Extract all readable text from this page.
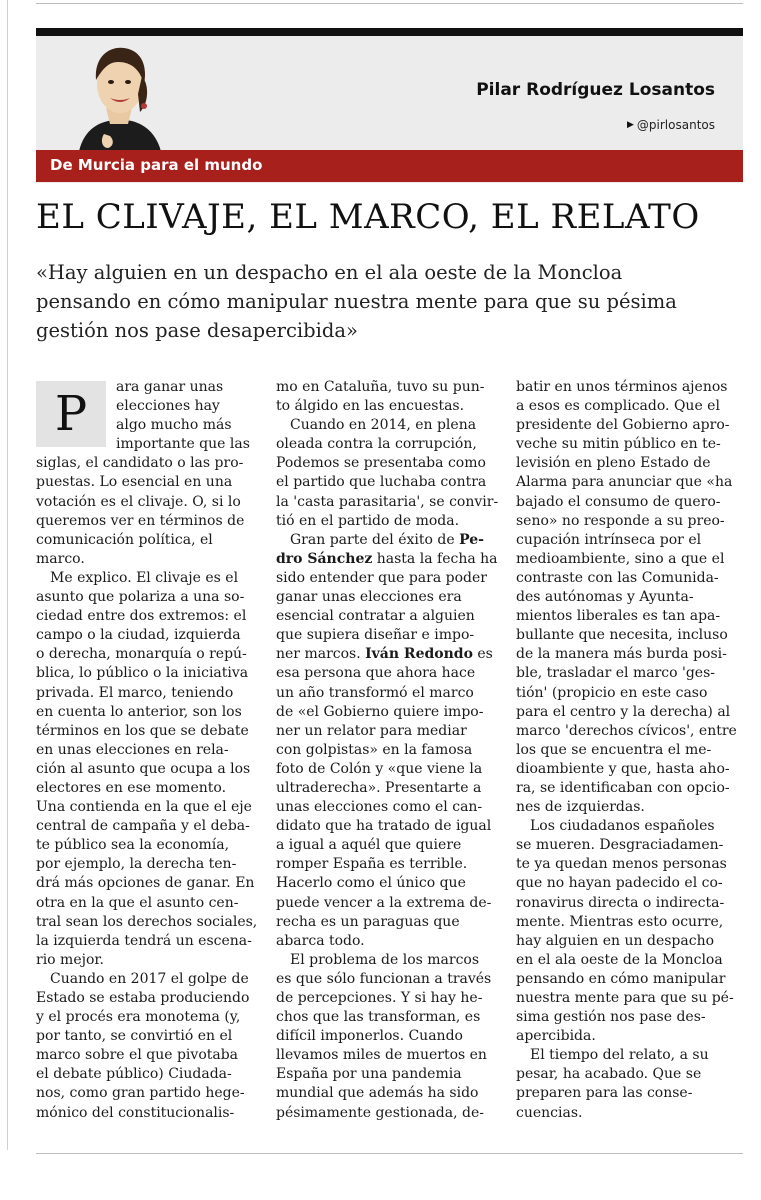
Pilar Rodríguez Losantos
▶ @pirlosantos
De Murcia para el mundo
EL CLIVAJE, EL MARCO, EL RELATO
«Hay alguien en un despacho en el ala oeste de la Moncloa
pensando en cómo manipular nuestra mente para que su pésima
gestión nos pase desapercibida»
P	ara ganar unas
elecciones hay
algo mucho más
importante que las
siglas, el candidato o las pro-
puestas. Lo esencial en una
votación es el clivaje. O, si lo
queremos ver en términos de
comunicación política, el
marco.
Me explico. El clivaje es el
asunto que polariza a una so-
ciedad entre dos extremos: el
campo o la ciudad, izquierda
o derecha, monarquía o repú-
blica, lo público o la iniciativa
privada. El marco, teniendo
en cuenta lo anterior, son los
términos en los que se debate
en unas elecciones en rela-
ción al asunto que ocupa a los
electores en ese momento.
Una contienda en la que el eje
central de campaña y el deba-
te público sea la economía,
por ejemplo, la derecha ten-
drá más opciones de ganar. En
otra en la que el asunto cen-
tral sean los derechos sociales,
la izquierda tendrá un escena-
rio mejor.
Cuando en 2017 el golpe de
Estado se estaba produciendo
y el procés era monotema (y,
por tanto, se convirtió en el
marco sobre el que pivotaba
el debate público) Ciudada-
nos, como gran partido hege-
mónico del constitucionalis-
mo en Cataluña, tuvo su pun-
to álgido en las encuestas.
Cuando en 2014, en plena
oleada contra la corrupción,
Podemos se presentaba como
el partido que luchaba contra
la 'casta parasitaria', se convir-
tió en el partido de moda.
Gran parte del éxito de Pe-
dro Sánchez hasta la fecha ha
sido entender que para poder
ganar unas elecciones era
esencial contratar a alguien
que supiera diseñar e impo-
ner marcos. Iván Redondo es
esa persona que ahora hace
un año transformó el marco
de «el Gobierno quiere impo-
ner un relator para mediar
con golpistas» en la famosa
foto de Colón y «que viene la
ultraderecha». Presentarte a
unas elecciones como el can-
didato que ha tratado de igual
a igual a aquél que quiere
romper España es terrible.
Hacerlo como el único que
puede vencer a la extrema de-
recha es un paraguas que
abarca todo.
El problema de los marcos
es que sólo funcionan a través
de percepciones. Y si hay he-
chos que las transforman, es
difícil imponerlos. Cuando
llevamos miles de muertos en
España por una pandemia
mundial que además ha sido
pésimamente gestionada, de-
batir en unos términos ajenos
a esos es complicado. Que el
presidente del Gobierno apro-
veche su mitin público en te-
levisión en pleno Estado de
Alarma para anunciar que «ha
bajado el consumo de quero-
seno» no responde a su preo-
cupación intrínseca por el
medioambiente, sino a que el
contraste con las Comunida-
des autónomas y Ayunta-
mientos liberales es tan apa-
bullante que necesita, incluso
de la manera más burda posi-
ble, trasladar el marco 'ges-
tión' (propicio en este caso
para el centro y la derecha) al
marco 'derechos cívicos', entre
los que se encuentra el me-
dioambiente y que, hasta aho-
ra, se identificaban con opcio-
nes de izquierdas.
Los ciudadanos españoles
se mueren. Desgraciadamen-
te ya quedan menos personas
que no hayan padecido el co-
ronavirus directa o indirecta-
mente. Mientras esto ocurre,
hay alguien en un despacho
en el ala oeste de la Moncloa
pensando en cómo manipular
nuestra mente para que su pé-
sima gestión nos pase des-
apercibida.
El tiempo del relato, a su
pesar, ha acabado. Que se
preparen para las conse-
cuencias.
